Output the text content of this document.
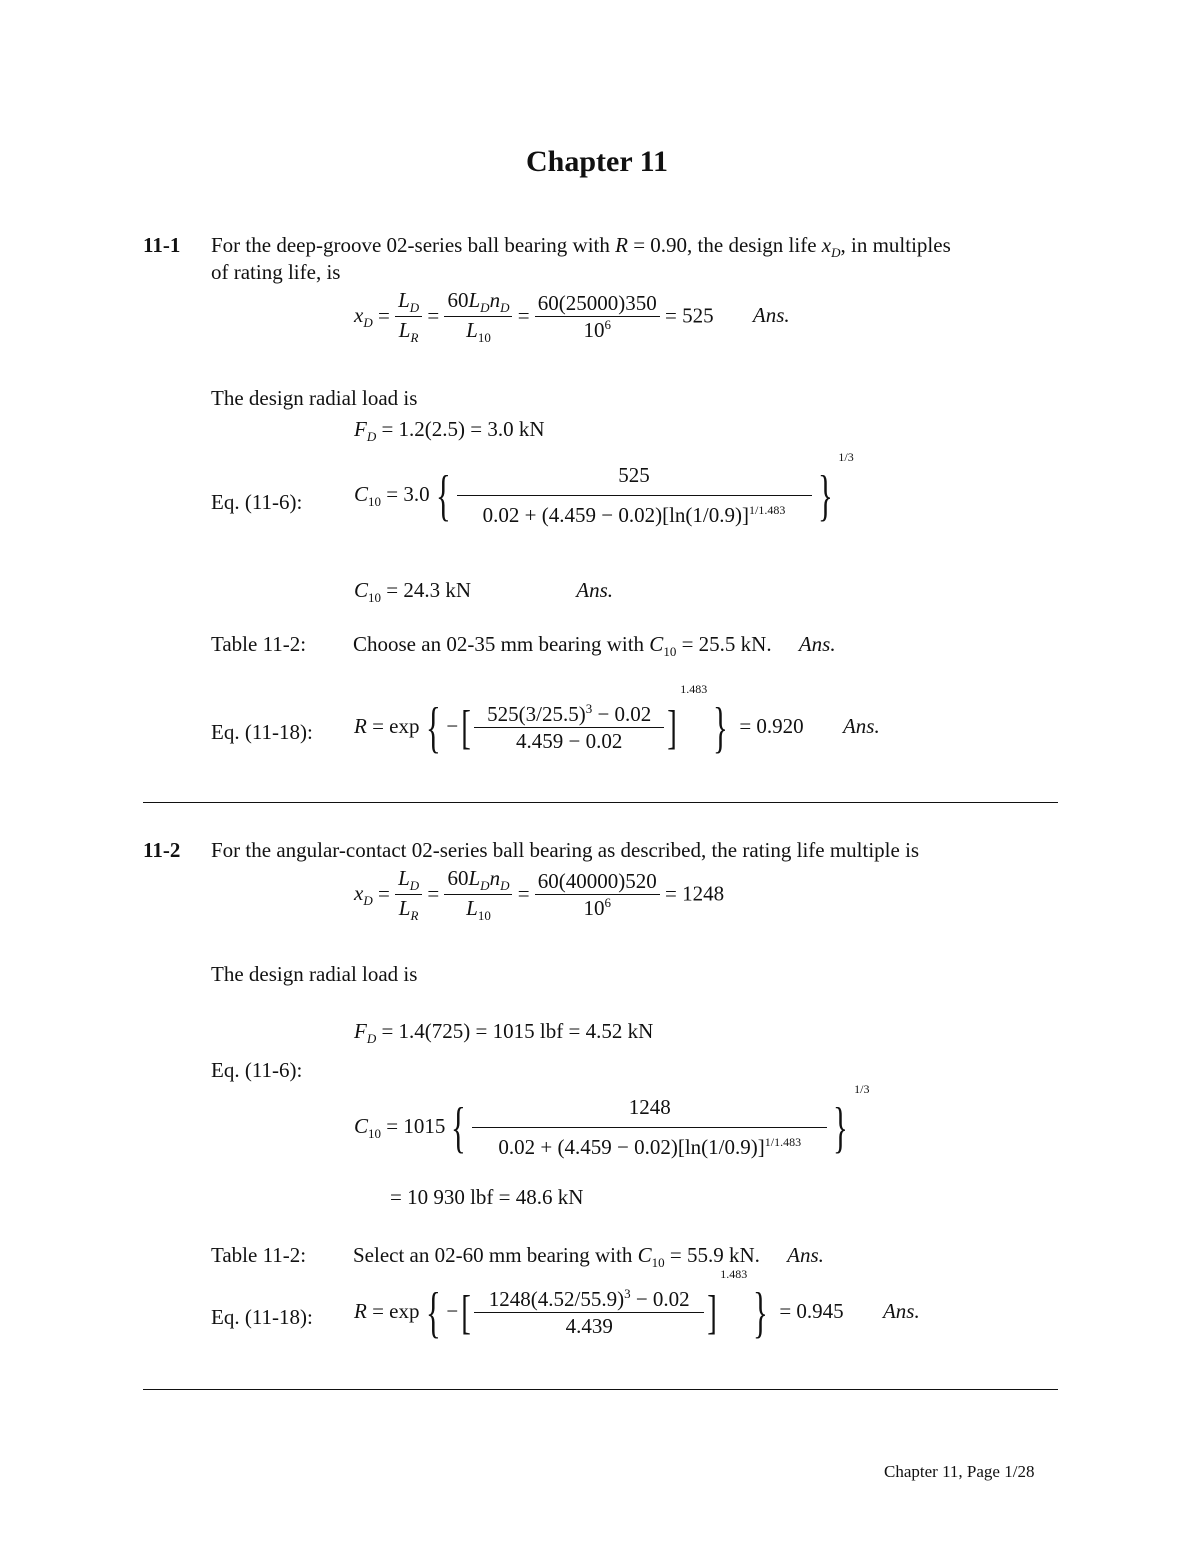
Chapter 11
11-1 For the deep-groove 02-series ball bearing with R = 0.90, the design life $x_D$, in multiples
of rating life, is
$x_D = \frac{L_D}{L_R} = \frac{60L_Dn_D}{L_{10}} = \frac{60(25000)350}{10^6} = 525$ Ans.
The design radial load is
$F_D = 1.2(2.5) = 3.0$ kN
Eq. (11-6): $C_{10} = 3.0$ { $\frac{525}{0.02 + (4.459 - 0.02)[\ln(1/0.9)]^{1/1.483}} \}^{1/3}$
$C_{10} = 24.3$ kN	Ans.
Table 11-2: Choose an 02-35 mm bearing with $C_{10} = 25.5$ kN. Ans.
Eq. (11-18): R = exp { −[ $\frac{525(3/25.5)^3 - 0.02}{4.459 - 0.02} ]^{1.483}\} = 0.920$ Ans.
11-2 For the angular-contact 02-series ball bearing as described, the rating life multiple is
$x_D = \frac{L_D}{L_R} = \frac{60L_Dn_D}{L_{10}} = \frac{60(40000)520}{10^6} = 1248$
The design radial load is
$F_D = 1.4(725) = 1015$ lbf = 4.52 kN
Eq. (11-6):
$C_{10} = 1015$ { $\frac{1248}{0.02 + (4.459 - 0.02)[\ln(1/0.9)]^{1/1.483}} \}^{1/3}$
= 10 930 lbf = 48.6 kN
Table 11-2: Select an 02-60 mm bearing with $C_{10} = 55.9$ kN. Ans.
Eq. (11-18): R = exp { −[ $\frac{1248(4.52/55.9)^3 - 0.02}{4.439} ]^{1.483}\} = 0.945$ Ans.
Chapter 11, Page 1/28
